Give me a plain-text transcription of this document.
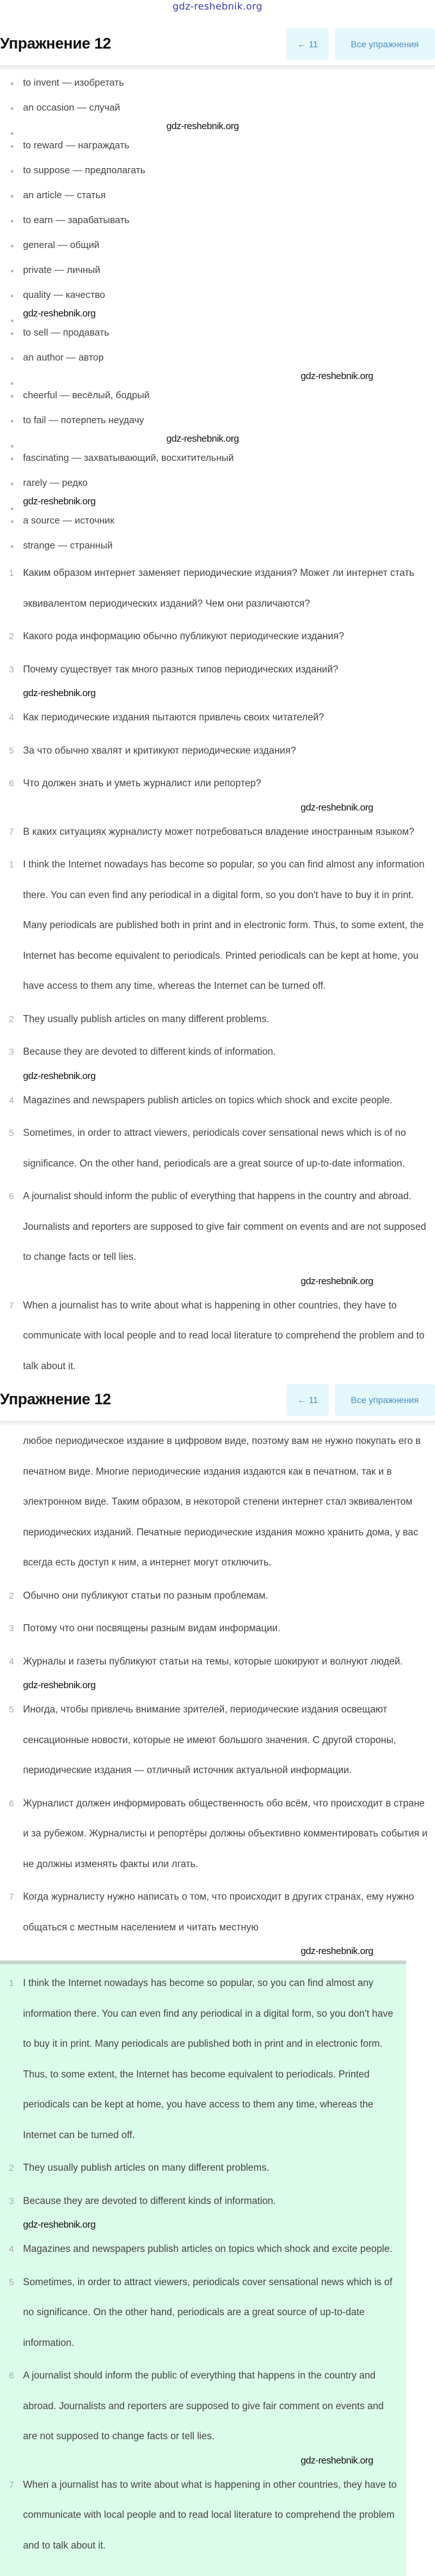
gdz-reshebnik.org
Упражнение 12	← 11	Все упражнения
to invent — изобретать
an occasion — случай
gdz-reshebnik.org
to reward — награждать
to suppose — предполагать
an article — статья
to earn — зарабатывать
general — общий
private — личный
quality — качество
gdz-reshebnik.org
to sell — продавать
an author — автор
gdz-reshebnik.org
cheerful — весёлый, бодрый
to fail — потерпеть неудачу
gdz-reshebnik.org
fascinating — захватывающий, восхитительный
rarely — редко
gdz-reshebnik.org
a source — источник
strange — странный
1 Каким образом интернет заменяет периодические издания? Может ли интернет стать эквивалентом периодических изданий? Чем они различаются?
2 Какого рода информацию обычно публикуют периодические издания?
3 Почему существует так много разных типов периодических изданий?
gdz-reshebnik.org
4 Как периодические издания пытаются привлечь своих читателей?
5 За что обычно хвалят и критикуют периодические издания?
6 Что должен знать и уметь журналист или репортер?
gdz-reshebnik.org
7 В каких ситуациях журналисту может потребоваться владение иностранным языком?
1 I think the Internet nowadays has become so popular, so you can find almost any information there. You can even find any periodical in a digital form, so you don't have to buy it in print. Many periodicals are published both in print and in electronic form. Thus, to some extent, the Internet has become equivalent to periodicals. Printed periodicals can be kept at home, you have access to them any time, whereas the Internet can be turned off.
2 They usually publish articles on many different problems.
3 Because they are devoted to different kinds of information.
gdz-reshebnik.org
4 Magazines and newspapers publish articles on topics which shock and excite people.
5 Sometimes, in order to attract viewers, periodicals cover sensational news which is of no significance. On the other hand, periodicals are a great source of up-to-date information.
6 A journalist should inform the public of everything that happens in the country and abroad. Journalists and reporters are supposed to give fair comment on events and are not supposed to change facts or tell lies.
gdz-reshebnik.org
7 When a journalist has to write about what is happening in other countries, they have to communicate with local people and to read local literature to comprehend the problem and to talk about it.
Упражнение 12	← 11	Все упражнения
любое периодическое издание в цифровом виде, поэтому вам не нужно покупать его в печатном виде. Многие периодические издания издаются как в печатном, так и в электронном виде. Таким образом, в некоторой степени интернет стал эквивалентом периодических изданий. Печатные периодические издания можно хранить дома, у вас всегда есть доступ к ним, а интернет могут отключить.
2 Обычно они публикуют статьи по разным проблемам.
3 Потому что они посвящены разным видам информации.
4 Журналы и газеты публикуют статьи на темы, которые шокируют и волнуют людей.
gdz-reshebnik.org
5 Иногда, чтобы привлечь внимание зрителей, периодические издания освещают сенсационные новости, которые не имеют большого значения. С другой стороны, периодические издания — отличный источник актуальной информации.
6 Журналист должен информировать общественность обо всём, что происходит в стране и за рубежом. Журналисты и репортёры должны объективно комментировать события и не должны изменять факты или лгать.
7 Когда журналисту нужно написать о том, что происходит в других странах, ему нужно общаться с местным населением и читать местную
gdz-reshebnik.org
1 I think the Internet nowadays has become so popular, so you can find almost any information there. You can even find any periodical in a digital form, so you don't have to buy it in print. Many periodicals are published both in print and in electronic form. Thus, to some extent, the Internet has become equivalent to periodicals. Printed periodicals can be kept at home, you have access to them any time, whereas the Internet can be turned off.
2 They usually publish articles on many different problems.
3 Because they are devoted to different kinds of information.
gdz-reshebnik.org
4 Magazines and newspapers publish articles on topics which shock and excite people.
5 Sometimes, in order to attract viewers, periodicals cover sensational news which is of no significance. On the other hand, periodicals are a great source of up-to-date information.
6 A journalist should inform the public of everything that happens in the country and abroad. Journalists and reporters are supposed to give fair comment on events and are not supposed to change facts or tell lies.
gdz-reshebnik.org
7 When a journalist has to write about what is happening in other countries, they have to communicate with local people and to read local literature to comprehend the problem and to talk about it.
